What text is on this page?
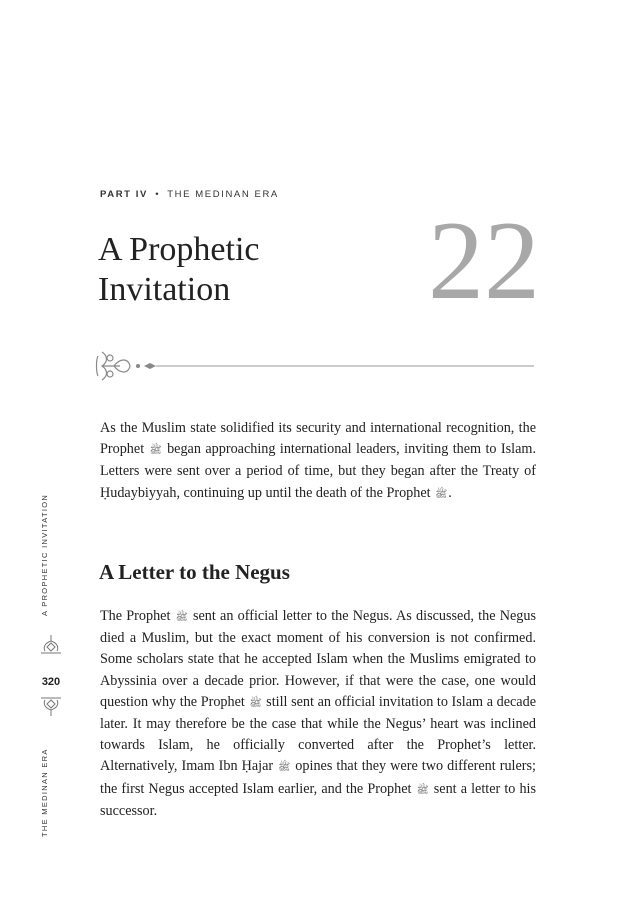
PART IV • THE MEDINAN ERA
A Prophetic
Invitation 22

As the Muslim state solidified its security and international recognition, the Prophet ﷺ began approaching international leaders, inviting them to Islam. Letters were sent over a period of time, but they began after the Treaty of Ḥudaybiyyah, continuing up until the death of the Prophet ﷺ.

A Letter to the Negus

The Prophet ﷺ sent an official letter to the Negus. As discussed, the Negus died a Muslim, but the exact moment of his conversion is not confirmed. Some scholars state that he accepted Islam when the Muslims emigrated to Abyssinia over a decade prior. However, if that were the case, one would question why the Prophet ﷺ still sent an official invitation to Islam a decade later. It may therefore be the case that while the Negus’ heart was inclined towards Islam, he officially converted after the Prophet’s letter. Alternatively, Imam Ibn Ḥajar ﷺ opines that they were two different rulers; the first Negus accepted Islam earlier, and the Prophet ﷺ sent a letter to his successor.

A PROPHETIC INVITATION
320
THE MEDINAN ERA
